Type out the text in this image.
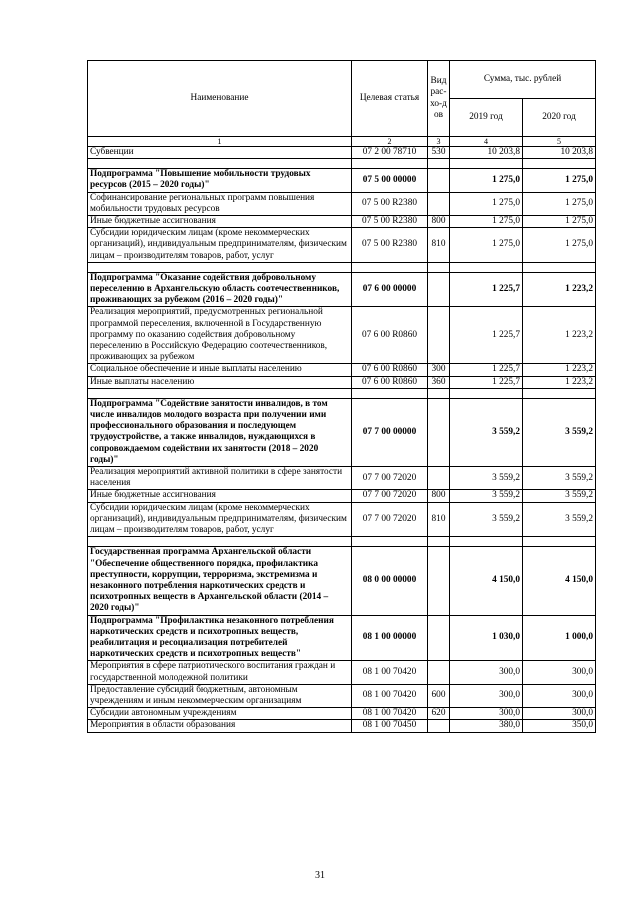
Наименование	Целевая статья	Вид рас-хо-дов	Сумма, тыс. рублей	
			2019 год	2020 год
1	2	3	4	5
Субвенции	07 2 00 78710	530	10 203,8	10 203,8

Подпрограмма "Повышение мобильности трудовых ресурсов (2015 – 2020 годы)"	07 5 00 00000		1 275,0	1 275,0
Софинансирование региональных программ повышения мобильности трудовых ресурсов	07 5 00 R2380		1 275,0	1 275,0
Иные бюджетные ассигнования	07 5 00 R2380	800	1 275,0	1 275,0
Субсидии юридическим лицам (кроме некоммерческих организаций), индивидуальным предпринимателям, физическим лицам – производителям товаров, работ, услуг	07 5 00 R2380	810	1 275,0	1 275,0

Подпрограмма "Оказание содействия добровольному переселению в Архангельскую область соотечественников, проживающих за рубежом (2016 – 2020 годы)"	07 6 00 00000		1 225,7	1 223,2
Реализация мероприятий, предусмотренных региональной программой переселения, включенной в Государственную программу по оказанию содействия добровольному переселению в Российскую Федерацию соотечественников, проживающих за рубежом	07 6 00 R0860		1 225,7	1 223,2
Социальное обеспечение и иные выплаты населению	07 6 00 R0860	300	1 225,7	1 223,2
Иные выплаты населению	07 6 00 R0860	360	1 225,7	1 223,2

Подпрограмма "Содействие занятости инвалидов, в том числе инвалидов молодого возраста при получении ими профессионального образования и последующем трудоустройстве, а также инвалидов, нуждающихся в сопровождаемом содействии их занятости (2018 – 2020 годы)"	07 7 00 00000		3 559,2	3 559,2
Реализация мероприятий активной политики в сфере занятости населения	07 7 00 72020		3 559,2	3 559,2
Иные бюджетные ассигнования	07 7 00 72020	800	3 559,2	3 559,2
Субсидии юридическим лицам (кроме некоммерческих организаций), индивидуальным предпринимателям, физическим лицам – производителям товаров, работ, услуг	07 7 00 72020	810	3 559,2	3 559,2

Государственная программа Архангельской области "Обеспечение общественного порядка, профилактика преступности, коррупции, терроризма, экстремизма и незаконного потребления наркотических средств и психотропных веществ в Архангельской области (2014 – 2020 годы)"	08 0 00 00000		4 150,0	4 150,0
Подпрограмма "Профилактика незаконного потребления наркотических средств и психотропных веществ, реабилитация и ресоциализация потребителей наркотических средств и психотропных веществ"	08 1 00 00000		1 030,0	1 000,0
Мероприятия в сфере патриотического воспитания граждан и государственной молодежной политики	08 1 00 70420		300,0	300,0
Предоставление субсидий бюджетным, автономным учреждениям и иным некоммерческим организациям	08 1 00 70420	600	300,0	300,0
Субсидии автономным учреждениям	08 1 00 70420	620	300,0	300,0
Мероприятия в области образования	08 1 00 70450		380,0	350,0
31
